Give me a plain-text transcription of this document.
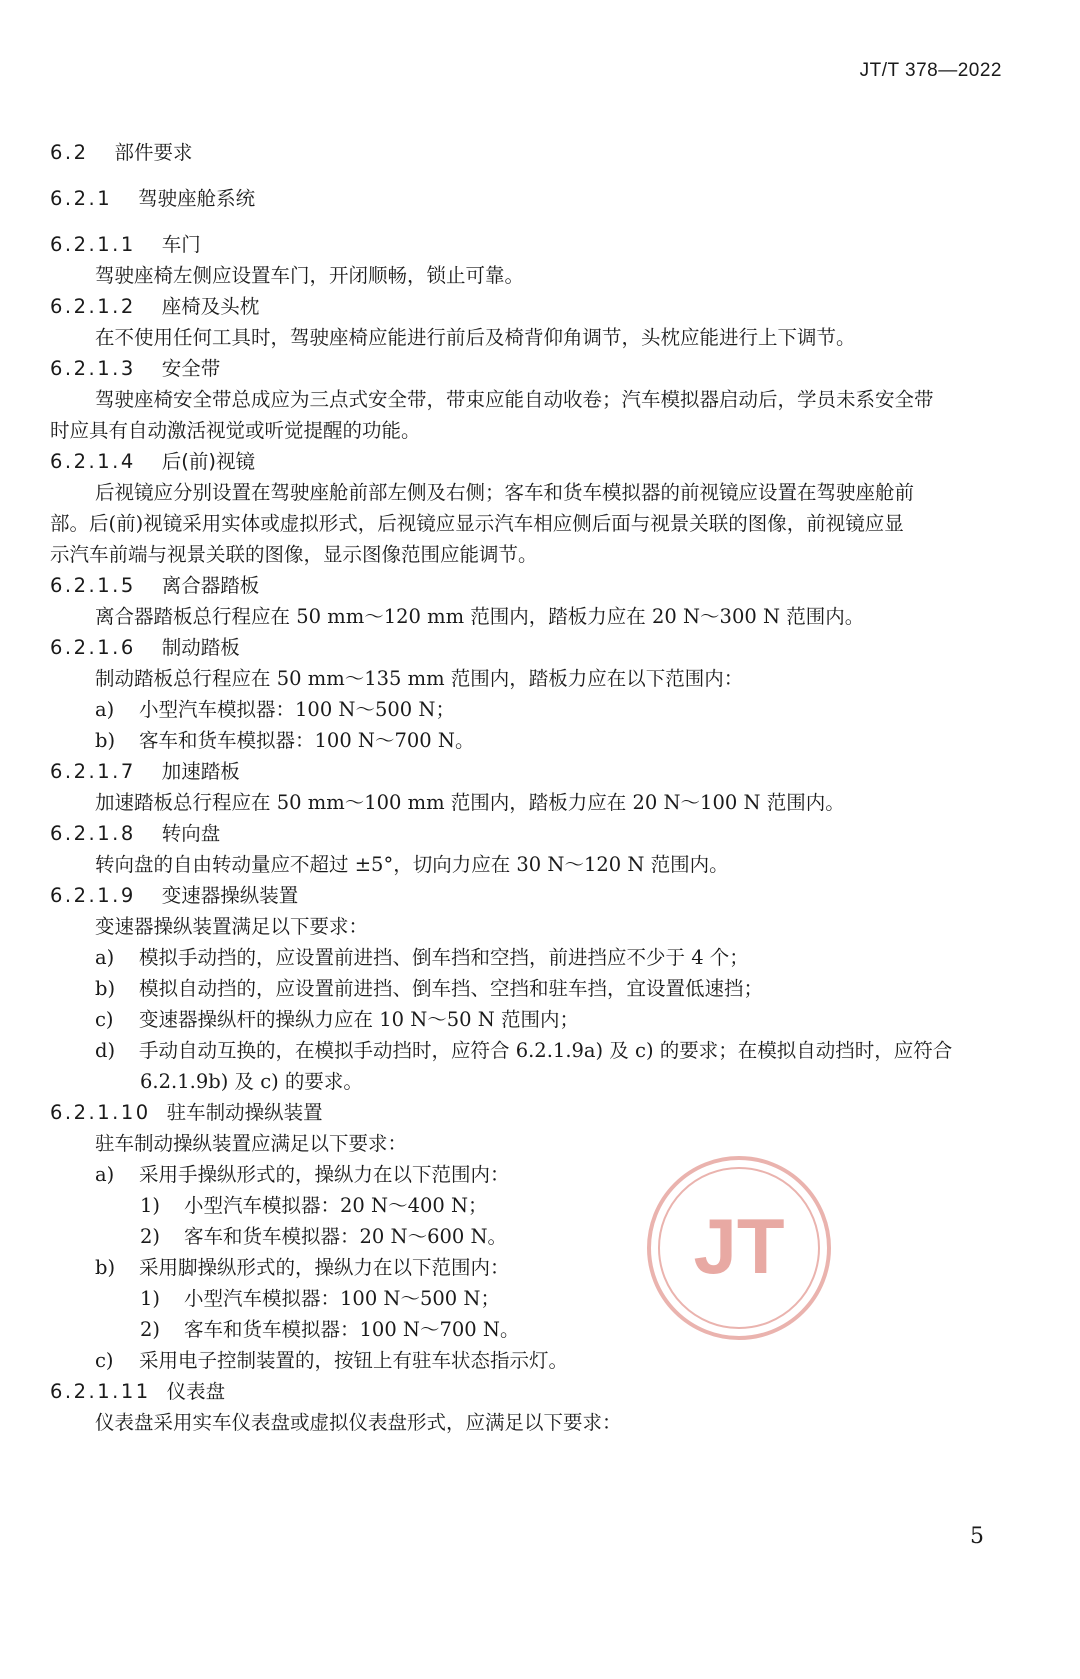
JT/T 378—2022
6.2 部件要求
6.2.1 驾驶座舱系统
6.2.1.1 车门
驾驶座椅左侧应设置车门，开闭顺畅，锁止可靠。
6.2.1.2 座椅及头枕
在不使用任何工具时，驾驶座椅应能进行前后及椅背仰角调节，头枕应能进行上下调节。
6.2.1.3 安全带
驾驶座椅安全带总成应为三点式安全带，带束应能自动收卷；汽车模拟器启动后，学员未系安全带
时应具有自动激活视觉或听觉提醒的功能。
6.2.1.4 后(前)视镜
后视镜应分别设置在驾驶座舱前部左侧及右侧；客车和货车模拟器的前视镜应设置在驾驶座舱前
部。后(前)视镜采用实体或虚拟形式，后视镜应显示汽车相应侧后面与视景关联的图像，前视镜应显
示汽车前端与视景关联的图像，显示图像范围应能调节。
6.2.1.5 离合器踏板
离合器踏板总行程应在 50 mm～120 mm 范围内，踏板力应在 20 N～300 N 范围内。
6.2.1.6 制动踏板
制动踏板总行程应在 50 mm～135 mm 范围内，踏板力应在以下范围内：
a) 小型汽车模拟器：100 N～500 N；
b) 客车和货车模拟器：100 N～700 N。
6.2.1.7 加速踏板
加速踏板总行程应在 50 mm～100 mm 范围内，踏板力应在 20 N～100 N 范围内。
6.2.1.8 转向盘
转向盘的自由转动量应不超过 ±5°，切向力应在 30 N～120 N 范围内。
6.2.1.9 变速器操纵装置
变速器操纵装置满足以下要求：
a) 模拟手动挡的，应设置前进挡、倒车挡和空挡，前进挡应不少于 4 个；
b) 模拟自动挡的，应设置前进挡、倒车挡、空挡和驻车挡，宜设置低速挡；
c) 变速器操纵杆的操纵力应在 10 N～50 N 范围内；
d) 手动自动互换的，在模拟手动挡时，应符合 6.2.1.9a) 及 c) 的要求；在模拟自动挡时，应符合
6.2.1.9b) 及 c) 的要求。
6.2.1.10 驻车制动操纵装置
驻车制动操纵装置应满足以下要求：
a) 采用手操纵形式的，操纵力在以下范围内：
1) 小型汽车模拟器：20 N～400 N；
2) 客车和货车模拟器：20 N～600 N。
b) 采用脚操纵形式的，操纵力在以下范围内：
1) 小型汽车模拟器：100 N～500 N；
2) 客车和货车模拟器：100 N～700 N。
c) 采用电子控制装置的，按钮上有驻车状态指示灯。
6.2.1.11 仪表盘
仪表盘采用实车仪表盘或虚拟仪表盘形式，应满足以下要求：
JT
5
